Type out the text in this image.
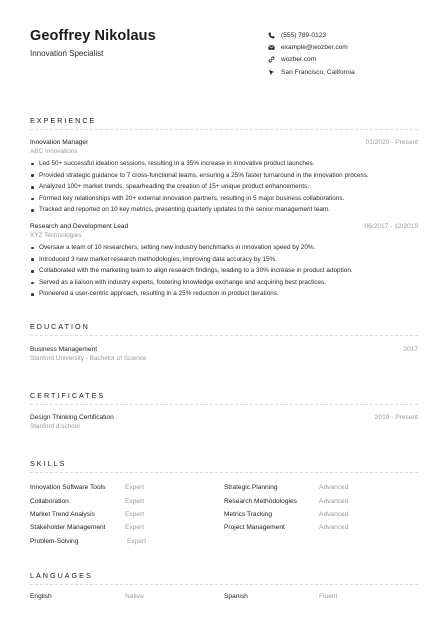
Geoffrey Nikolaus
Innovation Specialist
(555) 789-0123
example@wozber.com
wozber.com
San Francisco, California
EXPERIENCE
Innovation Manager	01/2020 - Present
ABC Innovations
Led 50+ successful ideation sessions, resulting in a 35% increase in innovative product launches.
Provided strategic guidance to 7 cross-functional teams, ensuring a 25% faster turnaround in the innovation process.
Analyzed 100+ market trends, spearheading the creation of 15+ unique product enhancements.
Formed key relationships with 20+ external innovation partners, resulting in 5 major business collaborations.
Tracked and reported on 10 key metrics, presenting quarterly updates to the senior management team.
Research and Development Lead	06/2017 - 12/2019
XYZ Technologies
Oversaw a team of 10 researchers, setting new industry benchmarks in innovation speed by 20%.
Introduced 3 new market research methodologies, improving data accuracy by 15%.
Collaborated with the marketing team to align research findings, leading to a 30% increase in product adoption.
Served as a liaison with industry experts, fostering knowledge exchange and acquiring best practices.
Pioneered a user-centric approach, resulting in a 25% reduction in product iterations.
EDUCATION
Business Management	2017
Stanford University - Bachelor of Science
CERTIFICATES
Design Thinking Certification	2019 - Present
Stanford d.school
SKILLS
Innovation Software Tools	Expert	Strategic Planning	Advanced
Collaboration	Expert	Research Methodologies	Advanced
Market Trend Analysis	Expert	Metrics Tracking	Advanced
Stakeholder Management	Expert	Project Management	Advanced
Problem-Solving	Expert
LANGUAGES
English	Native	Spanish	Fluent
